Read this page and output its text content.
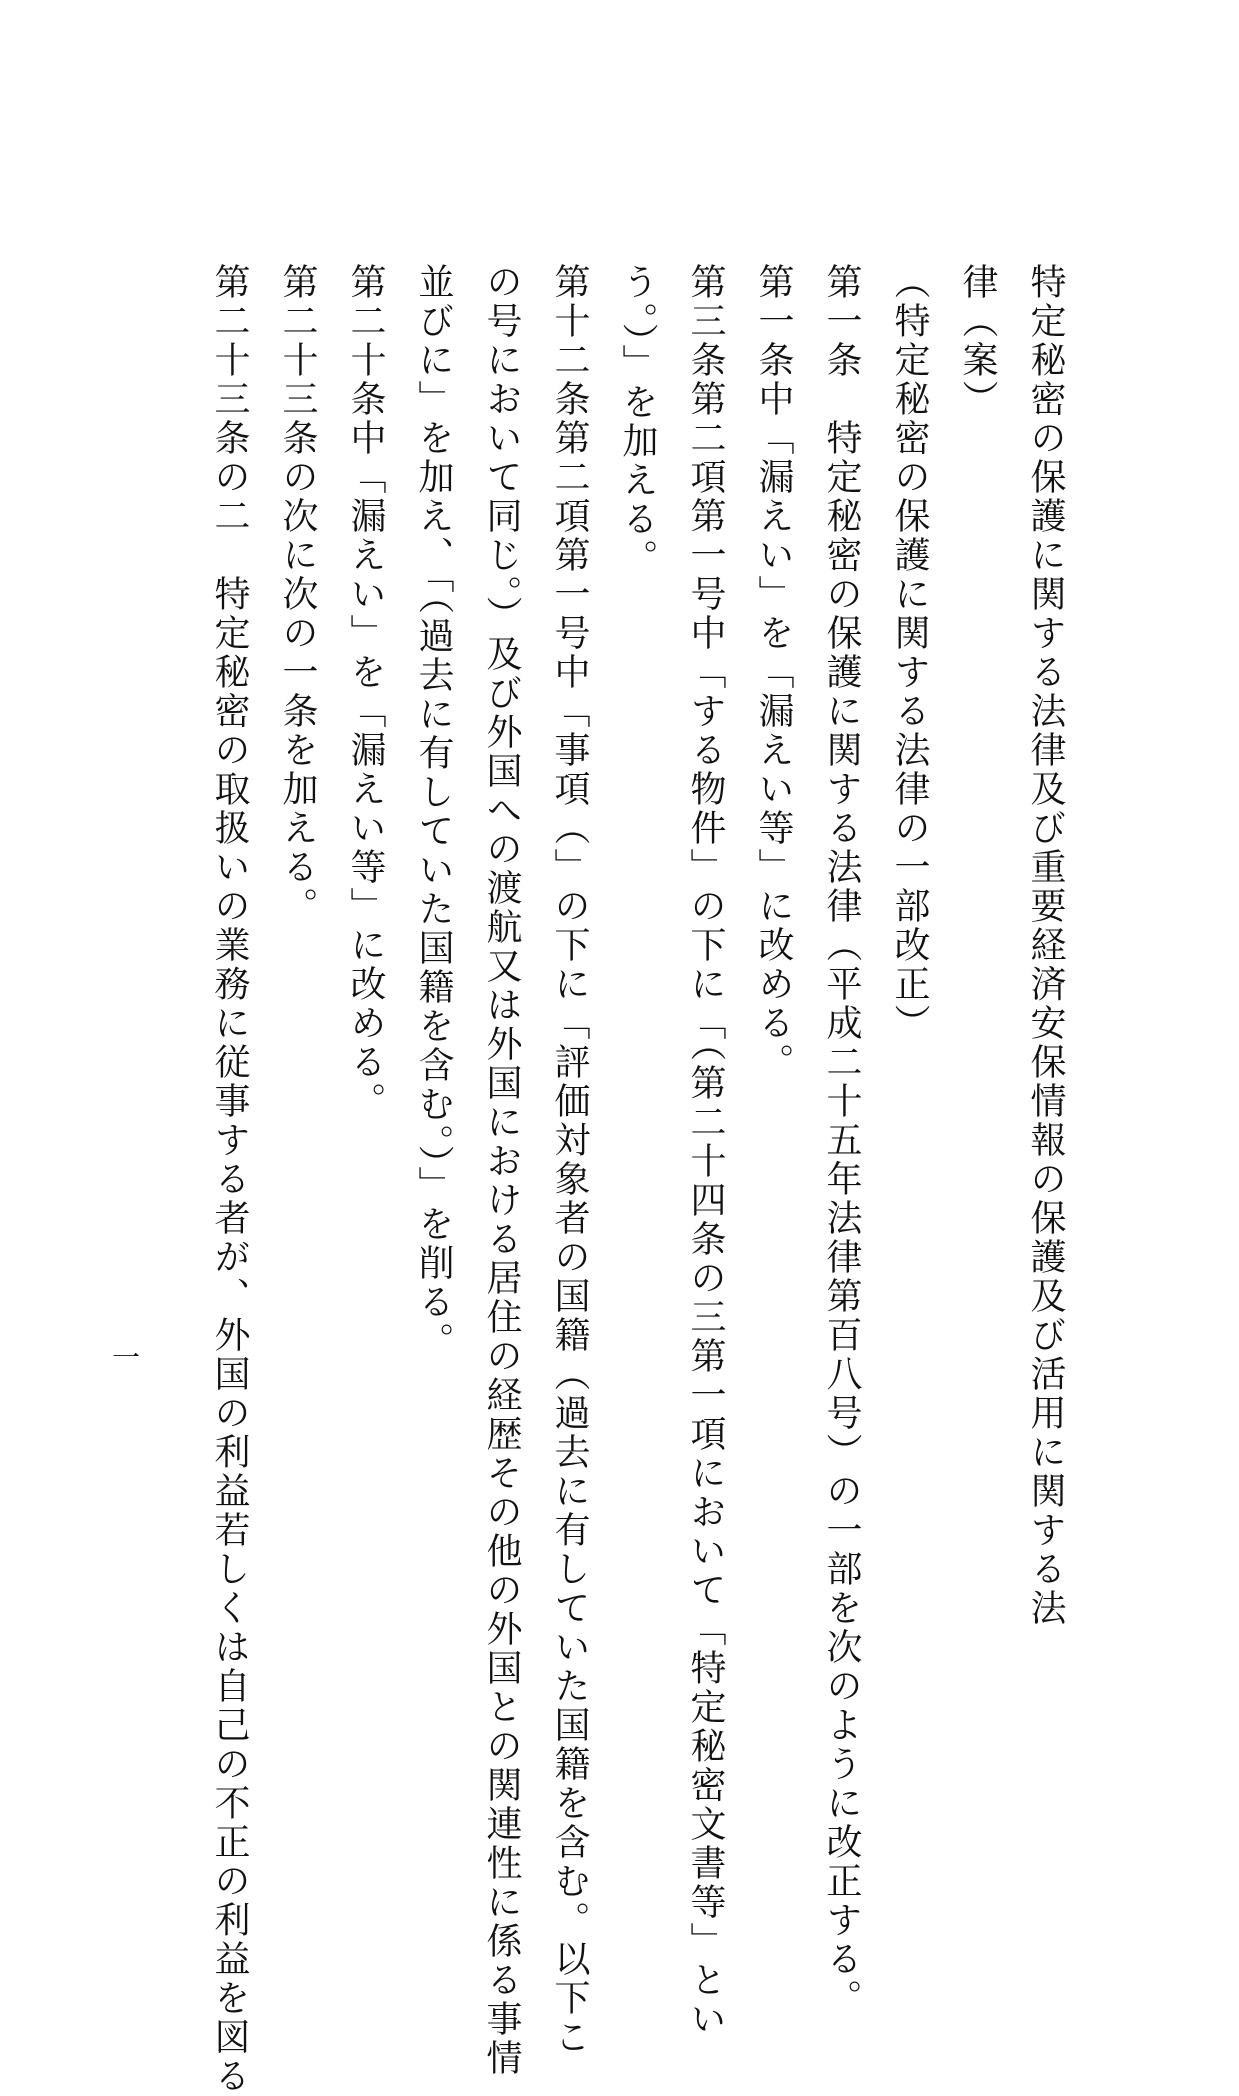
特定秘密の保護に関する法律及び重要経済安保情報の保護及び活用に関する法
律（案）
（特定秘密の保護に関する法律の一部改正）
第一条　特定秘密の保護に関する法律（平成二十五年法律第百八号）の一部を次のように改正する。
第一条中「漏えい」を「漏えい等」に改める。
第三条第二項第一号中「する物件」の下に「（第二十四条の三第一項において「特定秘密文書等」とい
う。）」を加える。
第十二条第二項第一号中「事項（」の下に「評価対象者の国籍（過去に有していた国籍を含む。以下こ
の号において同じ。）及び外国への渡航又は外国における居住の経歴その他の外国との関連性に係る事情
並びに」を加え、「（過去に有していた国籍を含む。）」を削る。
第二十条中「漏えい」を「漏えい等」に改める。
第二十三条の次に次の一条を加える。
第二十三条の二　特定秘密の取扱いの業務に従事する者が、外国の利益若しくは自己の不正の利益を図る
一
